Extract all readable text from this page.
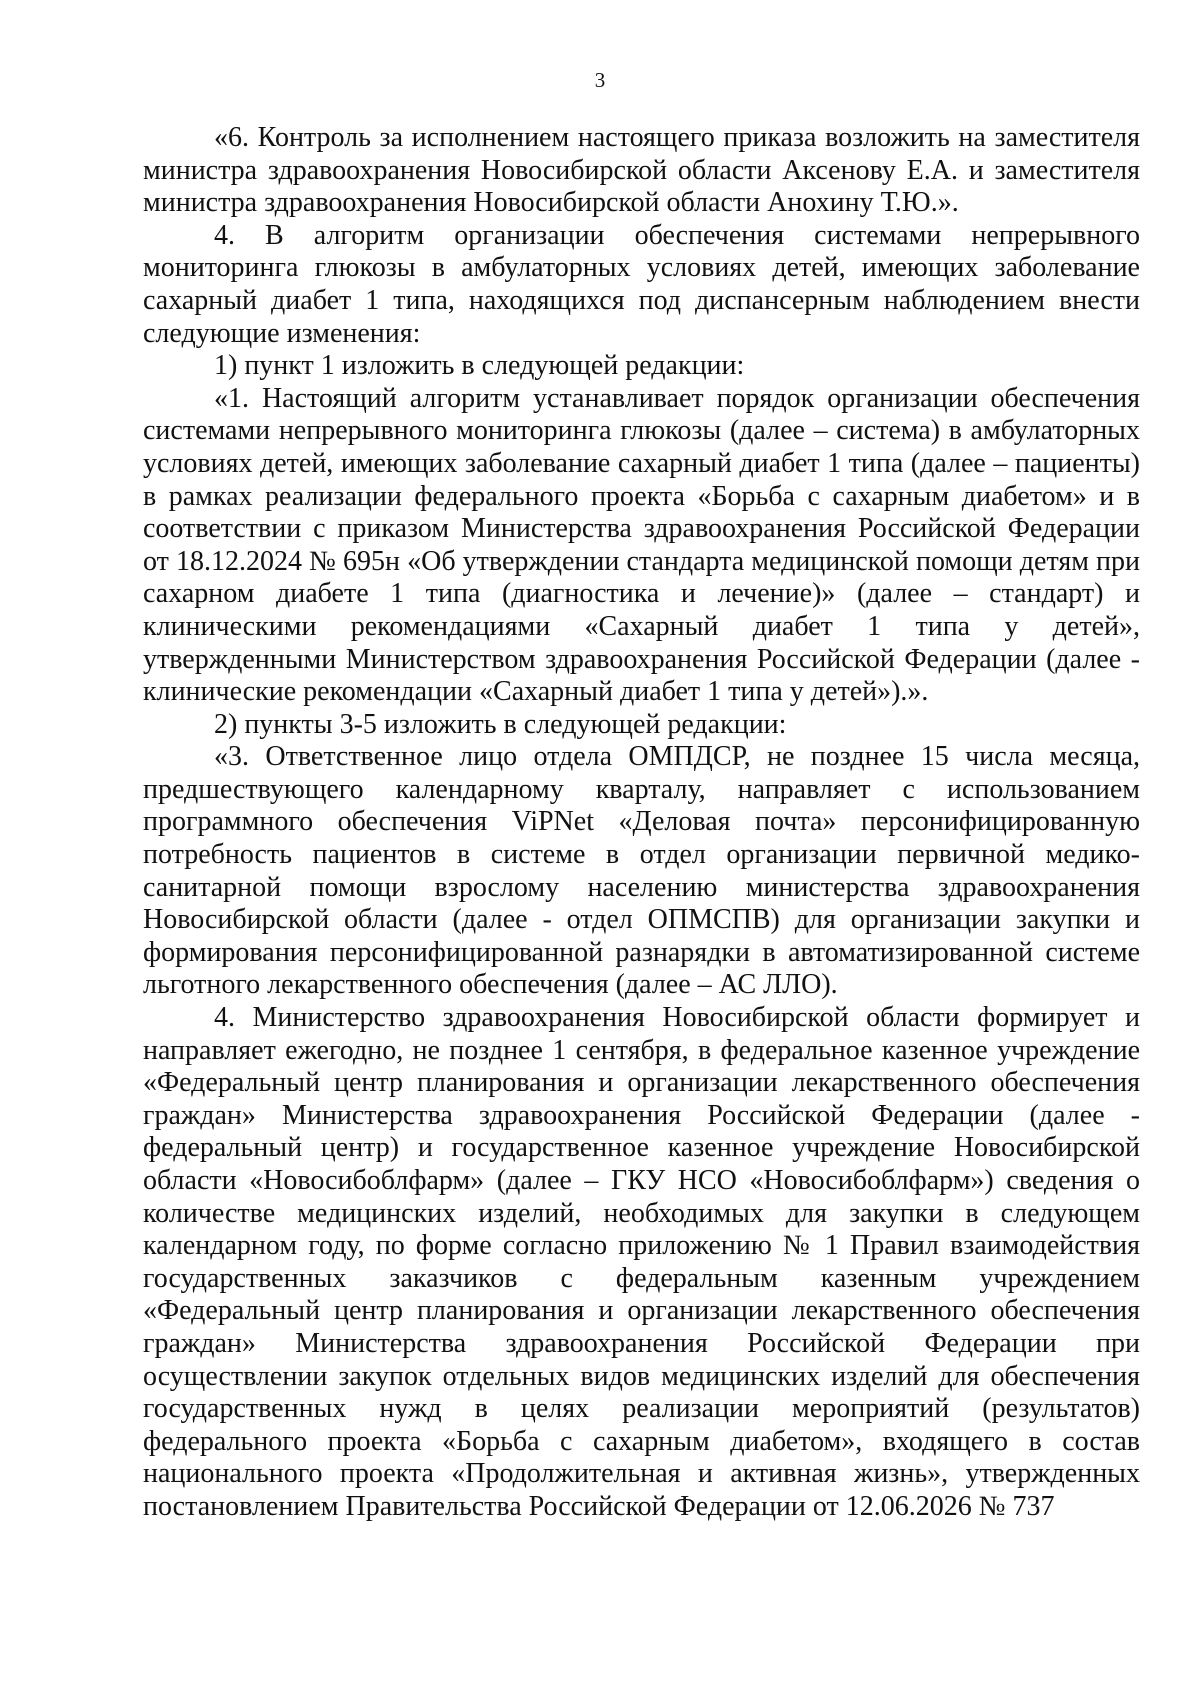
3

«6. Контроль за исполнением настоящего приказа возложить на заместителя министра здравоохранения Новосибирской области Аксенову Е.А. и заместителя министра здравоохранения Новосибирской области Анохину Т.Ю.».

4. В алгоритм организации обеспечения системами непрерывного мониторинга глюкозы в амбулаторных условиях детей, имеющих заболевание сахарный диабет 1 типа, находящихся под диспансерным наблюдением внести следующие изменения:

1) пункт 1 изложить в следующей редакции:

«1. Настоящий алгоритм устанавливает порядок организации обеспечения системами непрерывного мониторинга глюкозы (далее – система) в амбулаторных условиях детей, имеющих заболевание сахарный диабет 1 типа (далее – пациенты) в рамках реализации федерального проекта «Борьба с сахарным диабетом» и в соответствии с приказом Министерства здравоохранения Российской Федерации от 18.12.2024 № 695н «Об утверждении стандарта медицинской помощи детям при сахарном диабете 1 типа (диагностика и лечение)» (далее – стандарт) и клиническими рекомендациями «Сахарный диабет 1 типа у детей», утвержденными Министерством здравоохранения Российской Федерации (далее - клинические рекомендации «Сахарный диабет 1 типа у детей»).».

2) пункты 3-5 изложить в следующей редакции:

«3. Ответственное лицо отдела ОМПДСР, не позднее 15 числа месяца, предшествующего календарному кварталу, направляет с использованием программного обеспечения ViPNet «Деловая почта» персонифицированную потребность пациентов в системе в отдел организации первичной медико-санитарной помощи взрослому населению министерства здравоохранения Новосибирской области (далее - отдел ОПМСПВ) для организации закупки и формирования персонифицированной разнарядки в автоматизированной системе льготного лекарственного обеспечения (далее – АС ЛЛО).

4. Министерство здравоохранения Новосибирской области формирует и направляет ежегодно, не позднее 1 сентября, в федеральное казенное учреждение «Федеральный центр планирования и организации лекарственного обеспечения граждан» Министерства здравоохранения Российской Федерации (далее - федеральный центр) и государственное казенное учреждение Новосибирской области «Новосибоблфарм» (далее – ГКУ НСО «Новосибоблфарм») сведения о количестве медицинских изделий, необходимых для закупки в следующем календарном году, по форме согласно приложению № 1 Правил взаимодействия государственных заказчиков с федеральным казенным учреждением «Федеральный центр планирования и организации лекарственного обеспечения граждан» Министерства здравоохранения Российской Федерации при осуществлении закупок отдельных видов медицинских изделий для обеспечения государственных нужд в целях реализации мероприятий (результатов) федерального проекта «Борьба с сахарным диабетом», входящего в состав национального проекта «Продолжительная и активная жизнь», утвержденных постановлением Правительства Российской Федерации от 12.06.2026 № 737
